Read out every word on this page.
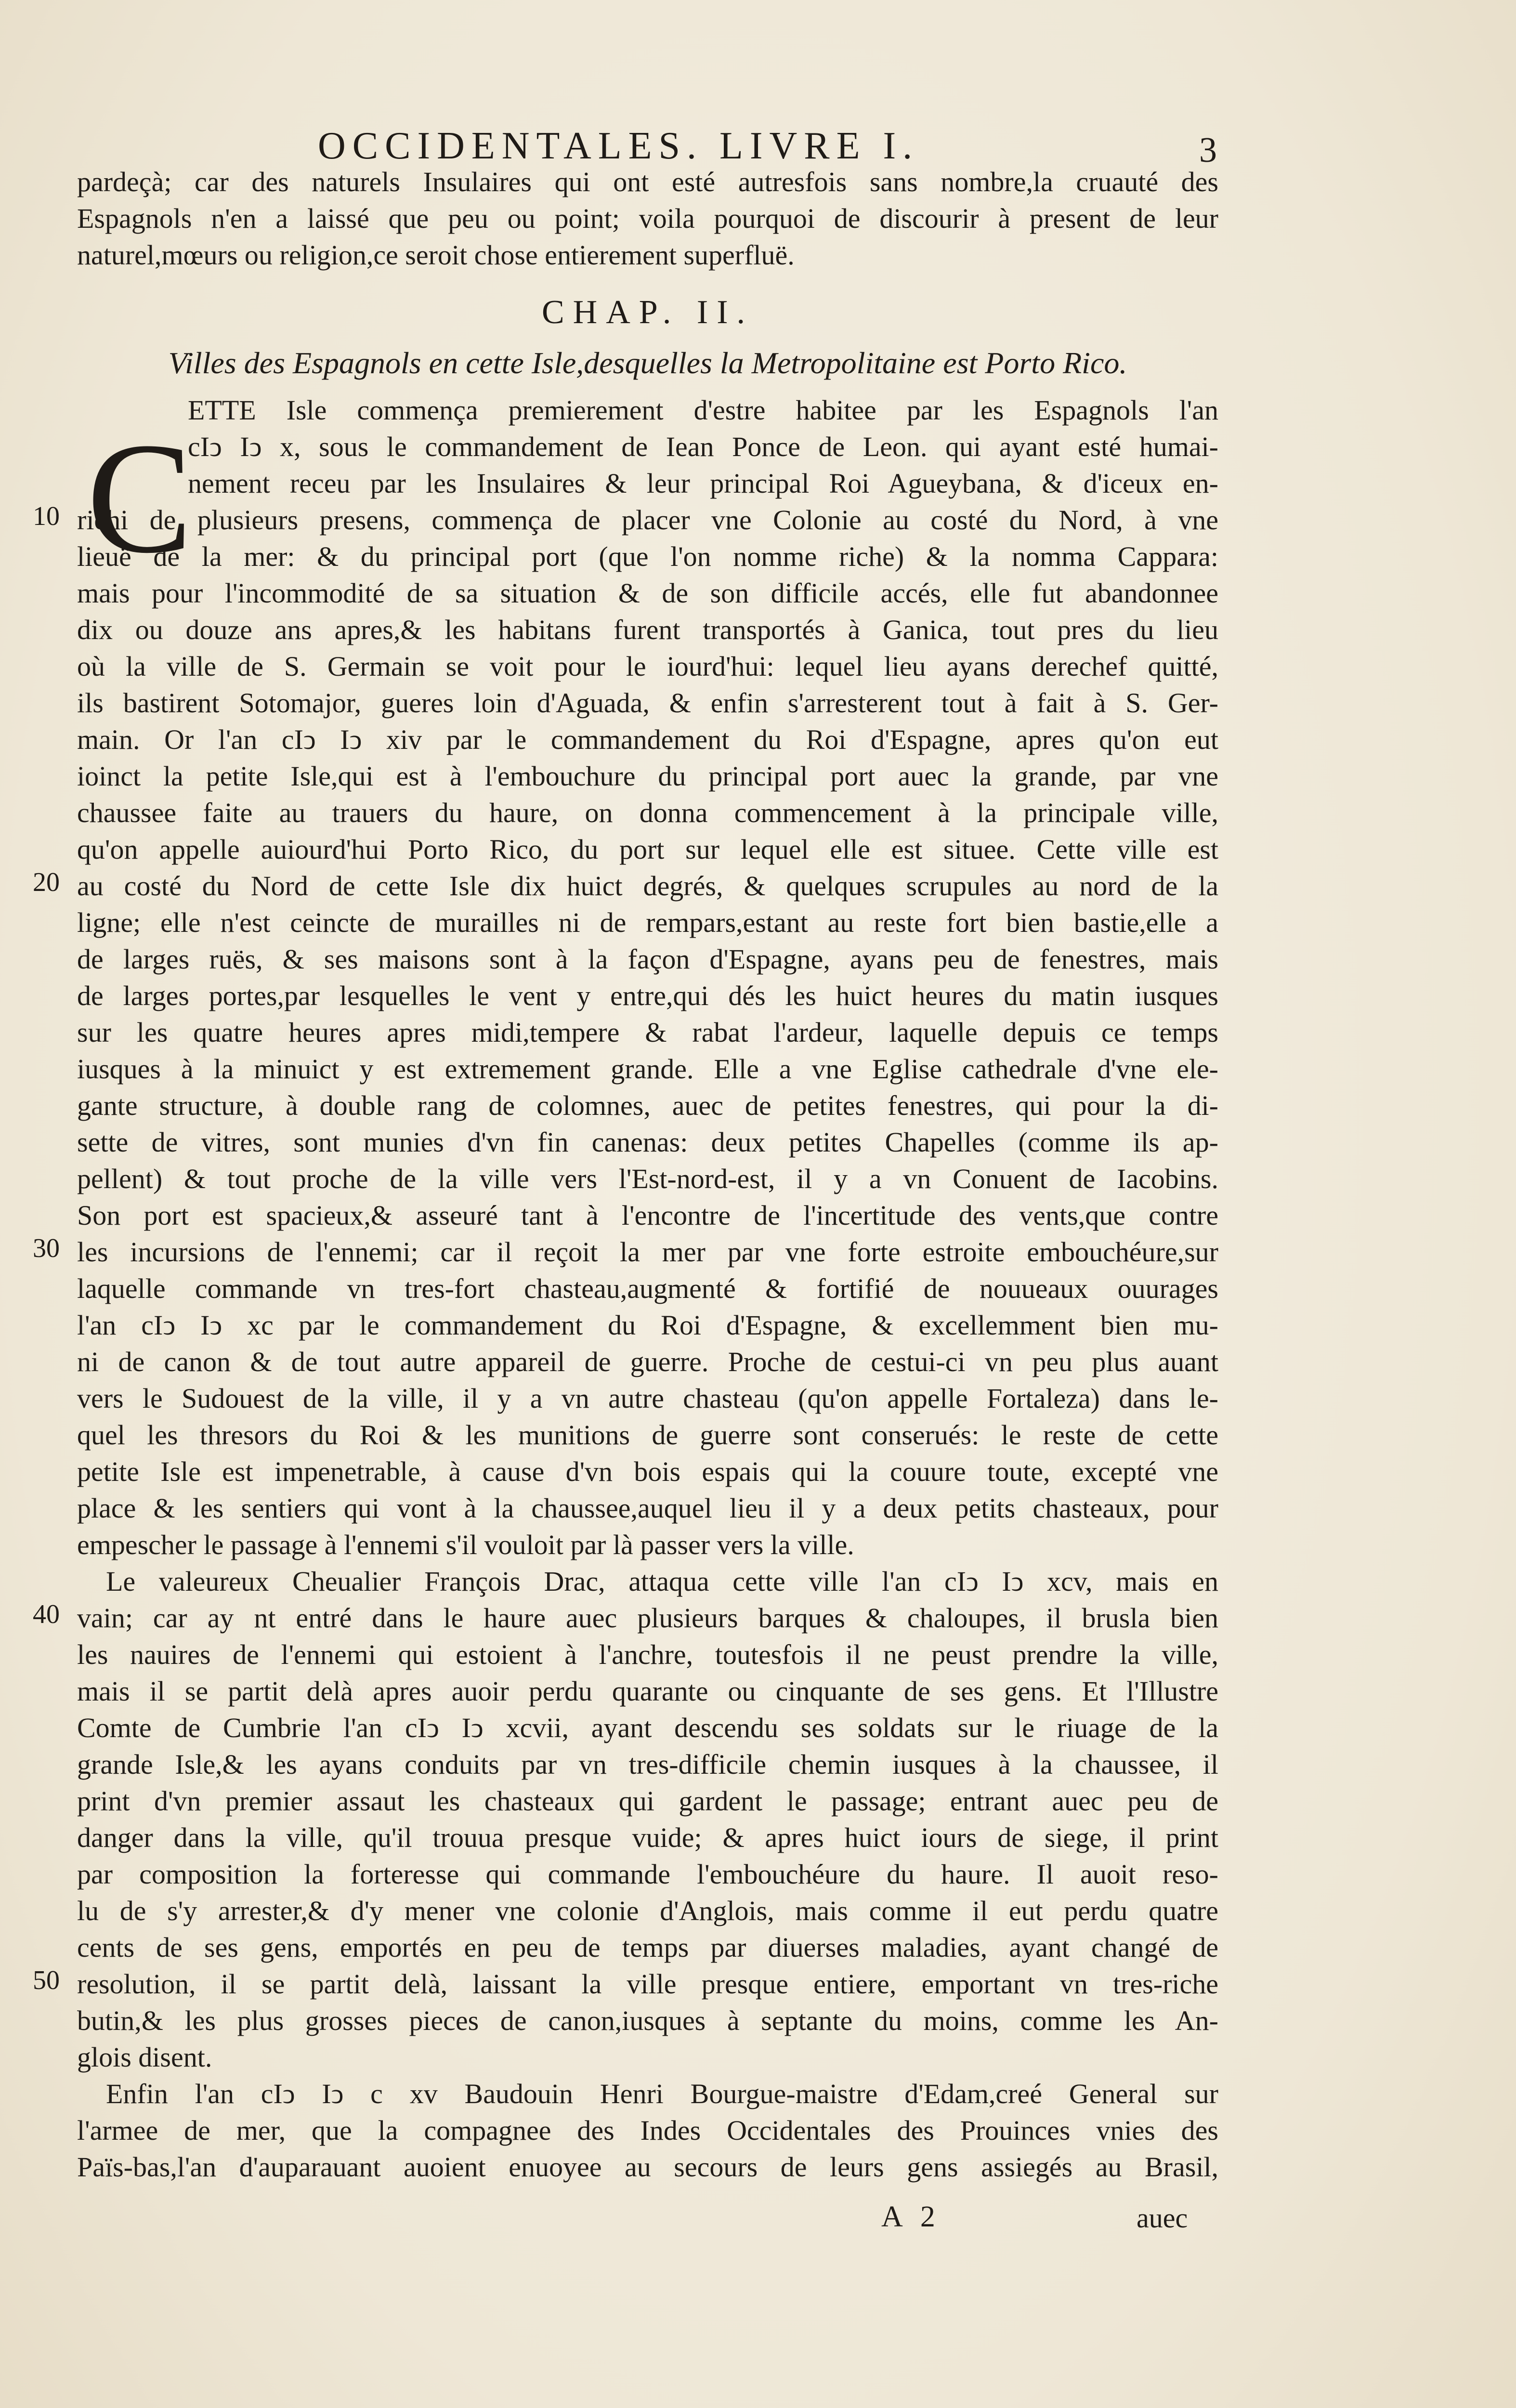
OCCIDENTALES. LIVRE I.	3
pardeçà; car des naturels Insulaires qui ont esté autresfois sans nombre,la cruauté des
Espagnols n'en a laissé que peu ou point; voila pourquoi de discourir à present de leur
naturel,mœurs ou religion,ce seroit chose entierement superfluë.
CHAP. II.
Villes des Espagnols en cette Isle,desquelles la Metropolitaine est Porto Rico.
ETTE Isle commença premierement d'estre habitee par les Espagnols l'an
cIↄ Iↄ x, sous le commandement de Iean Ponce de Leon. qui ayant esté humai-
nement receu par les Insulaires & leur principal Roi Agueybana, & d'iceux en-
richi de plusieurs presens, commença de placer vne Colonie au costé du Nord, à vne
lieuë de la mer: & du principal port (que l'on nomme riche) & la nomma Cappara:
mais pour l'incommodité de sa situation & de son difficile accés, elle fut abandonnee
dix ou douze ans apres,& les habitans furent transportés à Ganica, tout pres du lieu
où la ville de S. Germain se voit pour le iourd'hui: lequel lieu ayans derechef quitté,
ils bastirent Sotomajor, gueres loin d'Aguada, & enfin s'arresterent tout à fait à S. Ger-
main. Or l'an cIↄ Iↄ xiv par le commandement du Roi d'Espagne, apres qu'on eut
ioinct la petite Isle,qui est à l'embouchure du principal port auec la grande, par vne
chaussee faite au trauers du haure, on donna commencement à la principale ville,
qu'on appelle auiourd'hui Porto Rico, du port sur lequel elle est situee. Cette ville est
au costé du Nord de cette Isle dix huict degrés, & quelques scrupules au nord de la
ligne; elle n'est ceincte de murailles ni de rempars,estant au reste fort bien bastie,elle a
de larges ruës, & ses maisons sont à la façon d'Espagne, ayans peu de fenestres, mais
de larges portes,par lesquelles le vent y entre,qui dés les huict heures du matin iusques
sur les quatre heures apres midi,tempere & rabat l'ardeur, laquelle depuis ce temps
iusques à la minuict y est extremement grande. Elle a vne Eglise cathedrale d'vne ele-
gante structure, à double rang de colomnes, auec de petites fenestres, qui pour la di-
sette de vitres, sont munies d'vn fin canenas: deux petites Chapelles (comme ils ap-
pellent) & tout proche de la ville vers l'Est-nord-est, il y a vn Conuent de Iacobins.
Son port est spacieux,& asseuré tant à l'encontre de l'incertitude des vents,que contre
les incursions de l'ennemi; car il reçoit la mer par vne forte estroite embouchéure,sur
laquelle commande vn tres-fort chasteau,augmenté & fortifié de nouueaux ouurages
l'an cIↄ Iↄ xc par le commandement du Roi d'Espagne, & excellemment bien mu-
ni de canon & de tout autre appareil de guerre. Proche de cestui-ci vn peu plus auant
vers le Sudouest de la ville, il y a vn autre chasteau (qu'on appelle Fortaleza) dans le-
quel les thresors du Roi & les munitions de guerre sont conserués: le reste de cette
petite Isle est impenetrable, à cause d'vn bois espais qui la couure toute, excepté vne
place & les sentiers qui vont à la chaussee,auquel lieu il y a deux petits chasteaux, pour
empescher le passage à l'ennemi s'il vouloit par là passer vers la ville.
Le valeureux Cheualier François Drac, attaqua cette ville l'an cIↄ Iↄ xcv, mais en
vain; car ay nt entré dans le haure auec plusieurs barques & chaloupes, il brusla bien
les nauires de l'ennemi qui estoient à l'anchre, toutesfois il ne peust prendre la ville,
mais il se partit delà apres auoir perdu quarante ou cinquante de ses gens. Et l'Illustre
Comte de Cumbrie l'an cIↄ Iↄ xcvii, ayant descendu ses soldats sur le riuage de la
grande Isle,& les ayans conduits par vn tres-difficile chemin iusques à la chaussee, il
print d'vn premier assaut les chasteaux qui gardent le passage; entrant auec peu de
danger dans la ville, qu'il trouua presque vuide; & apres huict iours de siege, il print
par composition la forteresse qui commande l'embouchéure du haure. Il auoit reso-
lu de s'y arrester,& d'y mener vne colonie d'Anglois, mais comme il eut perdu quatre
cents de ses gens, emportés en peu de temps par diuerses maladies, ayant changé de
resolution, il se partit delà, laissant la ville presque entiere, emportant vn tres-riche
butin,& les plus grosses pieces de canon,iusques à septante du moins, comme les An-
glois disent.
Enfin l'an cIↄ Iↄ c xv Baudouin Henri Bourgue-maistre d'Edam,creé General sur
l'armee de mer, que la compagnee des Indes Occidentales des Prouinces vnies des
Païs-bas,l'an d'auparauant auoient enuoyee au secours de leurs gens assiegés au Brasil,
C
10
20
30
40
50
A 2	auec
